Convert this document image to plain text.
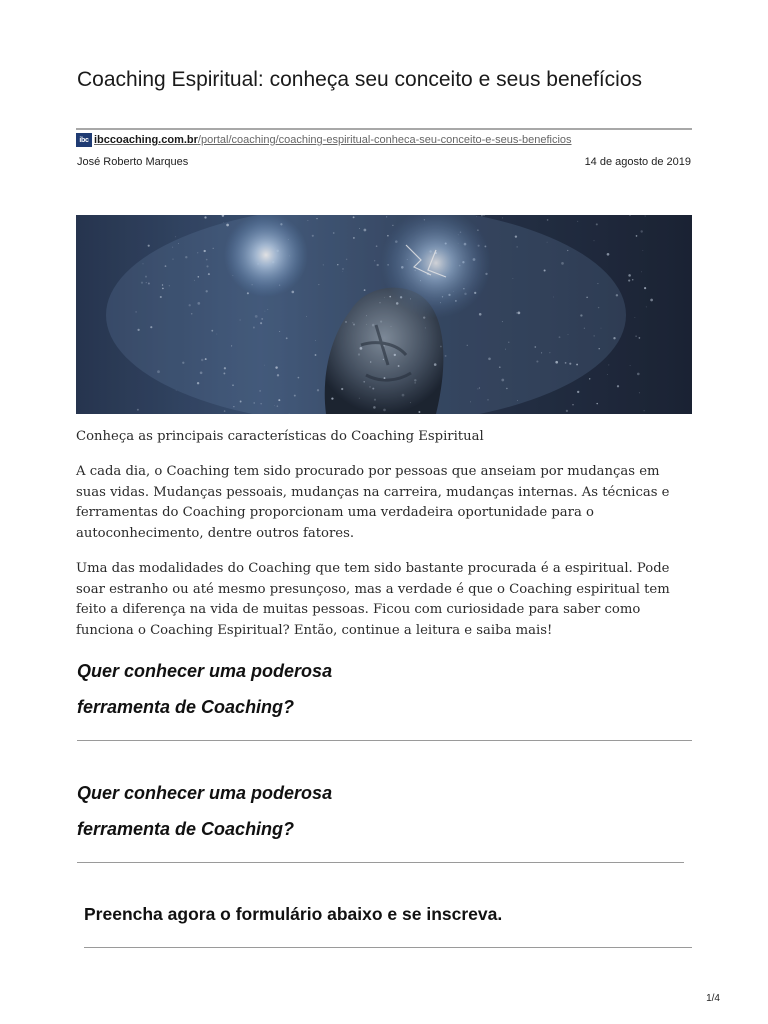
Coaching Espiritual: conheça seu conceito e seus benefícios
ibc ibccoaching.com.br/portal/coaching/coaching-espiritual-conheca-seu-conceito-e-seus-beneficios
José Roberto Marques	14 de agosto de 2019

Conheça as principais características do Coaching Espiritual

A cada dia, o Coaching tem sido procurado por pessoas que anseiam por mudanças em suas vidas. Mudanças pessoais, mudanças na carreira, mudanças internas. As técnicas e ferramentas do Coaching proporcionam uma verdadeira oportunidade para o autoconhecimento, dentre outros fatores.

Uma das modalidades do Coaching que tem sido bastante procurada é a espiritual. Pode soar estranho ou até mesmo presunçoso, mas a verdade é que o Coaching espiritual tem feito a diferença na vida de muitas pessoas. Ficou com curiosidade para saber como funciona o Coaching Espiritual? Então, continue a leitura e saiba mais!

Quer conhecer uma poderosa

ferramenta de Coaching?

Quer conhecer uma poderosa

ferramenta de Coaching?

Preencha agora o formulário abaixo e se inscreva.

1/4
